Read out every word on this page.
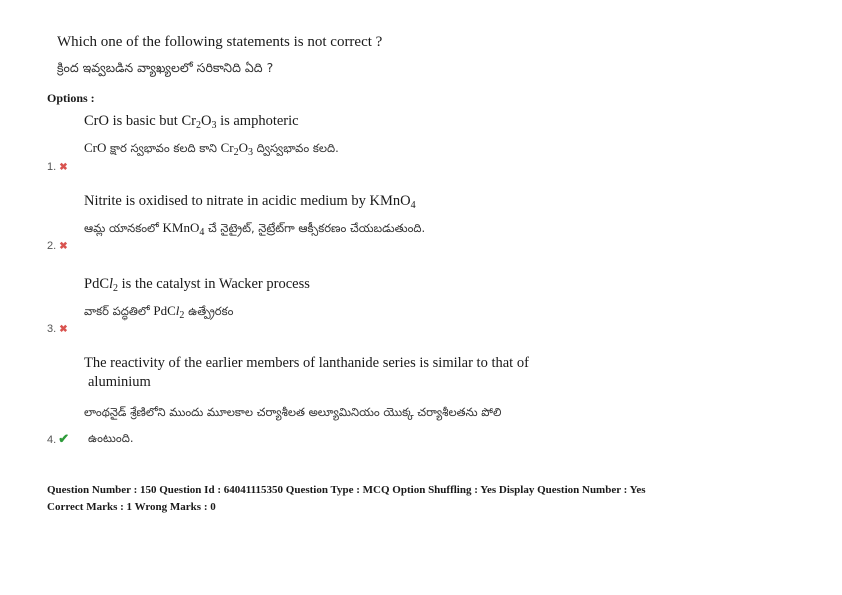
Which one of the following statements is not correct ?
క్రింద ఇవ్వబడిన వ్యాఖ్యలలో సరికానిది ఏది ?
Options :
CrO is basic but $Cr_2O_3$ is amphoteric
CrO క్షార స్వభావం కలది కాని $Cr_2O_3$ ద్విస్వభావం కలది.
1. ✖
Nitrite is oxidised to nitrate in acidic medium by KMnO$_4$
ఆమ్ల యానకంలో KMnO$_4$ చే నైట్రైట్, నైట్రేట్‌గా ఆక్సీకరణం చేయబడుతుంది.
2. ✖
PdCl$_2$ is the catalyst in Wacker process
వాకర్ పద్ధతిలో PdCl$_2$ ఉత్ప్రేరకం
3. ✖
The reactivity of the earlier members of lanthanide series is similar to that of
aluminium
లాంథనైడ్ శ్రేణిలోని ముందు మూలకాల చర్యాశీలత అల్యూమినియం యొక్క చర్యాశీలతను పోలి
ఉంటుంది.
4. ✔
Question Number : 150 Question Id : 64041115350 Question Type : MCQ Option Shuffling : Yes Display Question Number : Yes
Correct Marks : 1 Wrong Marks : 0
